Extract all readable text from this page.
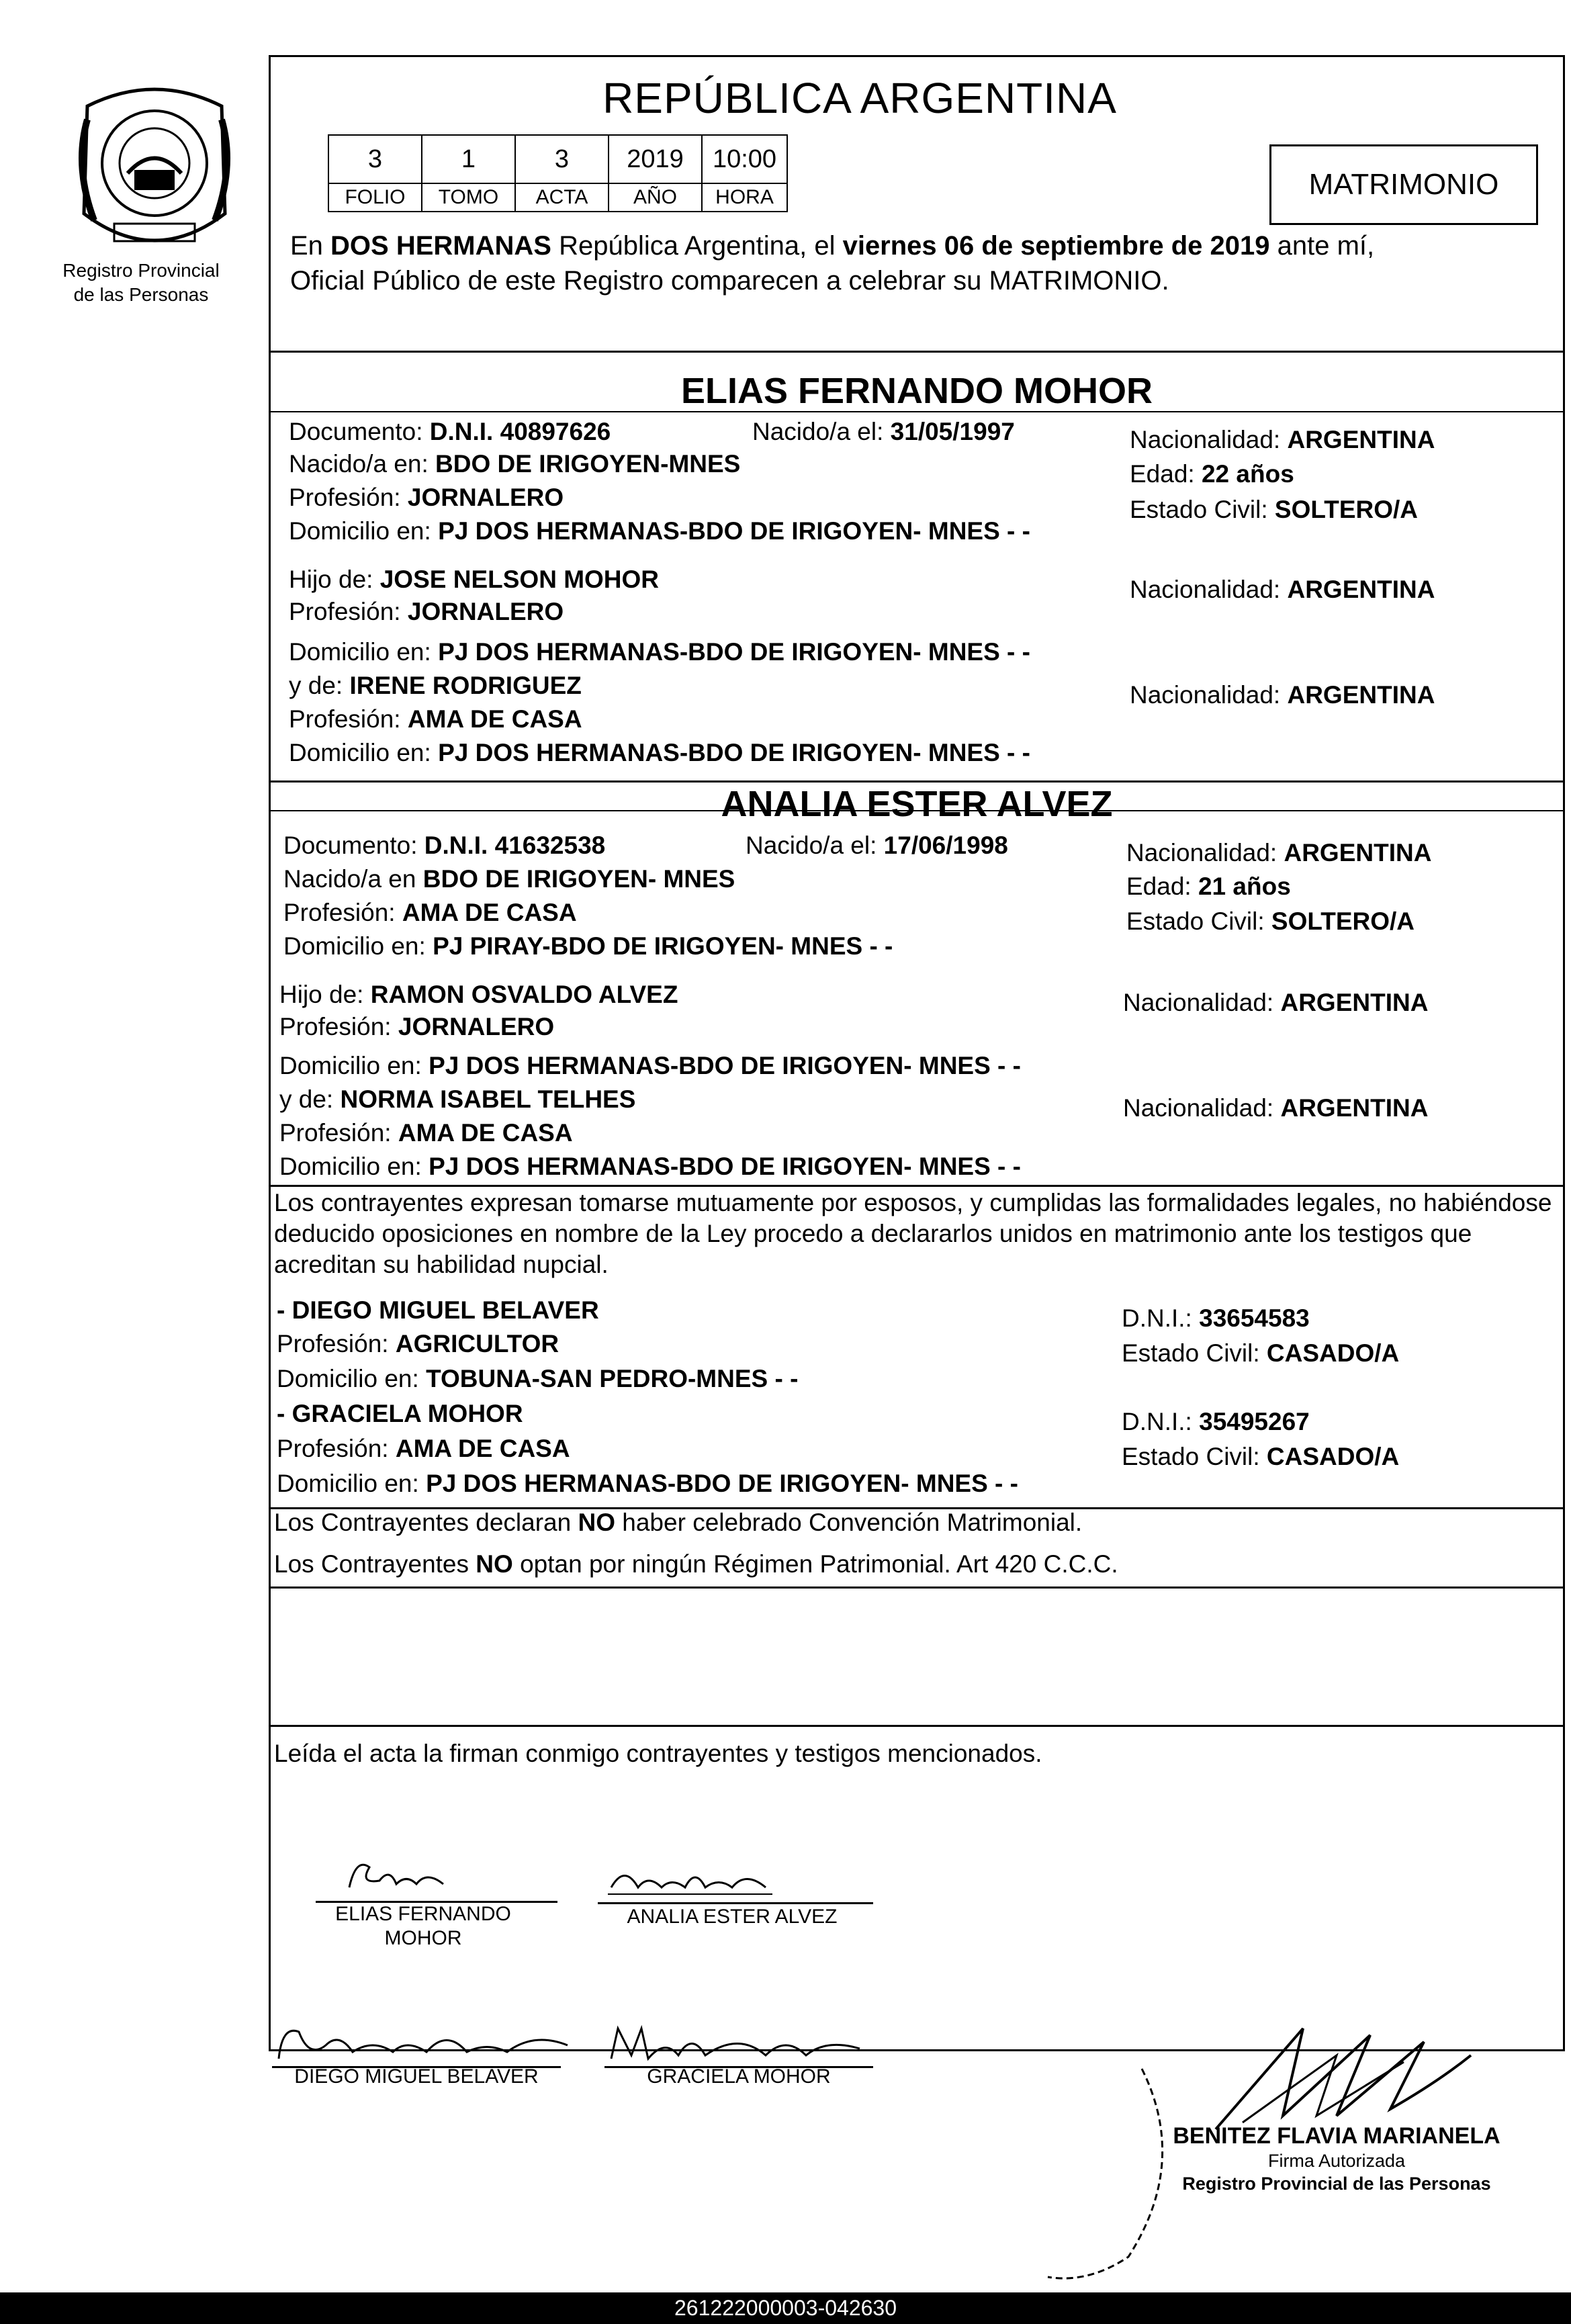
Registro Provincial
de las Personas
REPÚBLICA ARGENTINA
3	1	3	2019	10:00
FOLIO	TOMO	ACTA	AÑO	HORA	MATRIMONIO
En DOS HERMANAS República Argentina, el viernes 06 de septiembre de 2019 ante mí,
Oficial Público de este Registro comparecen a celebrar su MATRIMONIO.
ELIAS FERNANDO MOHOR
Documento: D.N.I. 40897626	Nacido/a el: 31/05/1997
Nacido/a en: BDO DE IRIGOYEN-MNES
Profesión: JORNALERO
Domicilio en: PJ DOS HERMANAS-BDO DE IRIGOYEN- MNES - -
Nacionalidad: ARGENTINA
Edad: 22 años
Estado Civil: SOLTERO/A
Hijo de: JOSE NELSON MOHOR
Profesión: JORNALERO
Domicilio en: PJ DOS HERMANAS-BDO DE IRIGOYEN- MNES - -
Nacionalidad: ARGENTINA
y de: IRENE RODRIGUEZ
Profesión: AMA DE CASA
Domicilio en: PJ DOS HERMANAS-BDO DE IRIGOYEN- MNES - -
Nacionalidad: ARGENTINA
ANALIA ESTER ALVEZ
Documento: D.N.I. 41632538	Nacido/a el: 17/06/1998
Nacido/a en BDO DE IRIGOYEN- MNES
Profesión: AMA DE CASA
Domicilio en: PJ PIRAY-BDO DE IRIGOYEN- MNES - -
Nacionalidad: ARGENTINA
Edad: 21 años
Estado Civil: SOLTERO/A
Hijo de: RAMON OSVALDO ALVEZ
Profesión: JORNALERO
Domicilio en: PJ DOS HERMANAS-BDO DE IRIGOYEN- MNES - -
Nacionalidad: ARGENTINA
y de: NORMA ISABEL TELHES
Profesión: AMA DE CASA
Domicilio en: PJ DOS HERMANAS-BDO DE IRIGOYEN- MNES - -
Nacionalidad: ARGENTINA
Los contrayentes expresan tomarse mutuamente por esposos, y cumplidas las formalidades legales, no habiéndose deducido oposiciones en nombre de la Ley procedo a declararlos unidos en matrimonio ante los testigos que acreditan su habilidad nupcial.
- DIEGO MIGUEL BELAVER
Profesión: AGRICULTOR
Domicilio en: TOBUNA-SAN PEDRO-MNES - -
D.N.I.: 33654583
Estado Civil: CASADO/A
- GRACIELA MOHOR
Profesión: AMA DE CASA
Domicilio en: PJ DOS HERMANAS-BDO DE IRIGOYEN- MNES - -
D.N.I.: 35495267
Estado Civil: CASADO/A
Los Contrayentes declaran NO haber celebrado Convención Matrimonial.
Los Contrayentes NO optan por ningún Régimen Patrimonial. Art 420 C.C.C.
Leída el acta la firman conmigo contrayentes y testigos mencionados.
ELIAS FERNANDO
MOHOR
ANALIA ESTER ALVEZ
DIEGO MIGUEL BELAVER	GRACIELA MOHOR
BENITEZ FLAVIA MARIANELA
Firma Autorizada
Registro Provincial de las Personas
261222000003-042630
